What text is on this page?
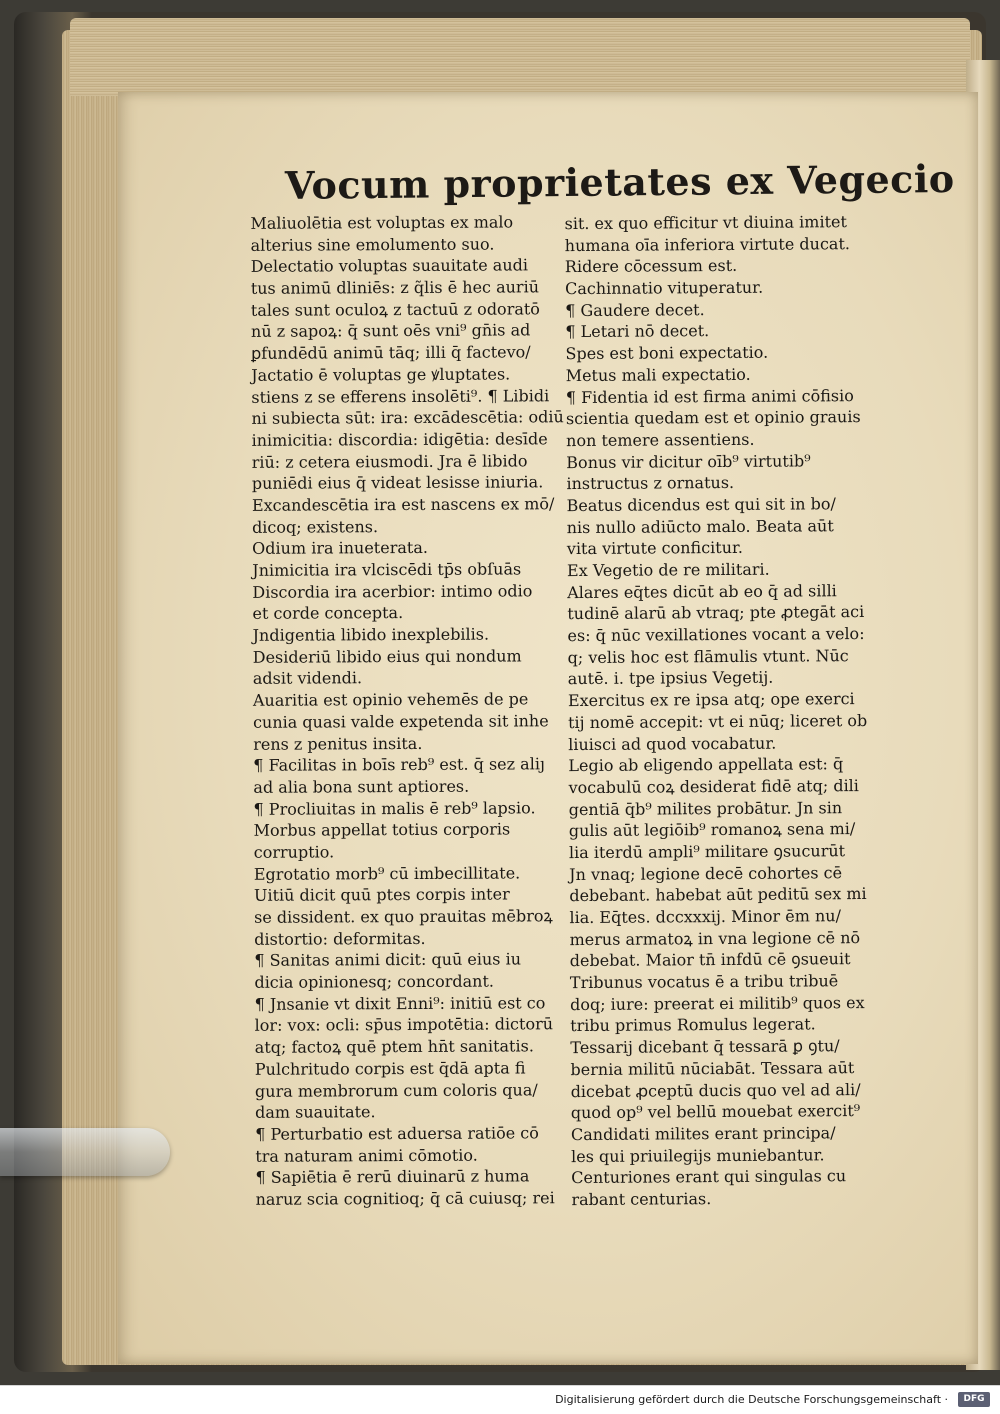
Vocum proprietates ex Vegecio
Maliuolētia est voluptas ex malo
alterius sine emolumento suo.
Delectatio voluptas suauitate audi
tus animū dliniēs: z q̃lis ē hec auriū
tales sunt oculoꝝ z tactuū z odoratō
nū z sapoꝝ: q̄ sunt oēs vni⁹ gn̄is ad
ꝑfundēdū animū tāq; illi q̄ factevo/
Jactatio ē voluptas ge ꝟluptates.
stiens z se efferens insolēti⁹. ¶ Libidi
ni subiecta sūt: ira: excādescētia: odiū
inimicitia: discordia: idigētia: desīde
riū: z cetera eiusmodi. Jra ē libido
puniēdi eius q̄ videat lesisse iniuria.
Excandescētia ira est nascens ex mō/
dicoq; existens.
Odium ira inueterata.
Jnimicitia ira vlciscēdi tp̄s obſuās
Discordia ira acerbior: intimo odio
et corde concepta.
Jndigentia libido inexplebilis.
Desideriū libido eius qui nondum
adsit videndi.
Auaritia est opinio vehemēs de pe
cunia quasi valde expetenda sit inhe
rens z penitus insita.
¶ Facilitas in boīs reb⁹ est. q̄ sez aliȷ
ad alia bona sunt aptiores.
¶ Procliuitas in malis ē reb⁹ lapsio.
Morbus appellat totius corporis
corruptio.
Egrotatio morb⁹ cū imbecillitate.
Uitiū dicit quū ptes corpis inter
se dissident. ex quo prauitas mēbroꝝ
distortio: deformitas.
¶ Sanitas animi dicit: quū eius iu
dicia opinionesq; concordant.
¶ Jnsanie vt dixit Enni⁹: initiū est co
lor: vox: ocli: sp̄us impotētia: dictorū
atq; factoꝝ quē ptem hn̄t sanitatis.
Pulchritudo corpis est q̄dā apta fi
gura membrorum cum coloris qua/
dam suauitate.
¶ Perturbatio est aduersa ratiōe cō
tra naturam animi cōmotio.
¶ Sapiētia ē rerū diuinarū z huma
naruz scia cognitioq; q̄ cā cuiusq; rei
sit. ex quo efficitur vt diuina imitet
humana oīa inferiora virtute ducat.
Ridere cōcessum est.
Cachinnatio vituperatur.
¶ Gaudere decet.
¶ Letari nō decet.
Spes est boni expectatio.
Metus mali expectatio.
¶ Fidentia id est firma animi cōfisio
scientia quedam est et opinio grauis
non temere assentiens.
Bonus vir dicitur oīb⁹ virtutib⁹
instructus z ornatus.
Beatus dicendus est qui sit in bo/
nis nullo adiūcto malo. Beata aūt
vita virtute conficitur.
Ex Vegetio de re militari.
Alares eq̄tes dicūt ab eo q̄ ad silli
tudinē alarū ab vtraq; pte ꝓtegāt aci
es: q̄ nūc vexillationes vocant a velo:
q; velis hoc est flāmulis vtunt. Nūc
autē. i. tpe ipsius Vegetij.
Exercitus ex re ipsa atq; ope exerci
tij nomē accepit: vt ei nūq; liceret ob
liuisci ad quod vocabatur.
Legio ab eligendo appellata est: q̄
vocabulū coꝝ desiderat fidē atq; dili
gentiā q̄b⁹ milites probātur. Jn sin
gulis aūt legiōib⁹ romanoꝝ sena mi/
lia iterdū ampli⁹ militare ꝯsucurūt
Jn vnaq; legione decē cohortes cē
debebant. habebat aūt peditū sex mi
lia. Eq̄tes. dccxxxij. Minor ēm nu/
merus armatoꝝ in vna legione cē nō
debebat. Maior tn̄ infdū cē ꝯsueuit
Tribunus vocatus ē a tribu tribuē
doq; iure: preerat ei militib⁹ quos ex
tribu primus Romulus legerat.
Tessarij dicebant q̄ tessarā ꝑ ꝯtu/
bernia militū nūciabāt. Tessara aūt
dicebat ꝓceptū ducis quo vel ad ali/
quod op⁹ vel bellū mouebat exercit⁹
Candidati milites erant principa/
les qui priuilegijs muniebantur.
Centuriones erant qui singulas cu
rabant centurias.
Digitalisierung gefördert durch die Deutsche Forschungsgemeinschaft ·	DFG
